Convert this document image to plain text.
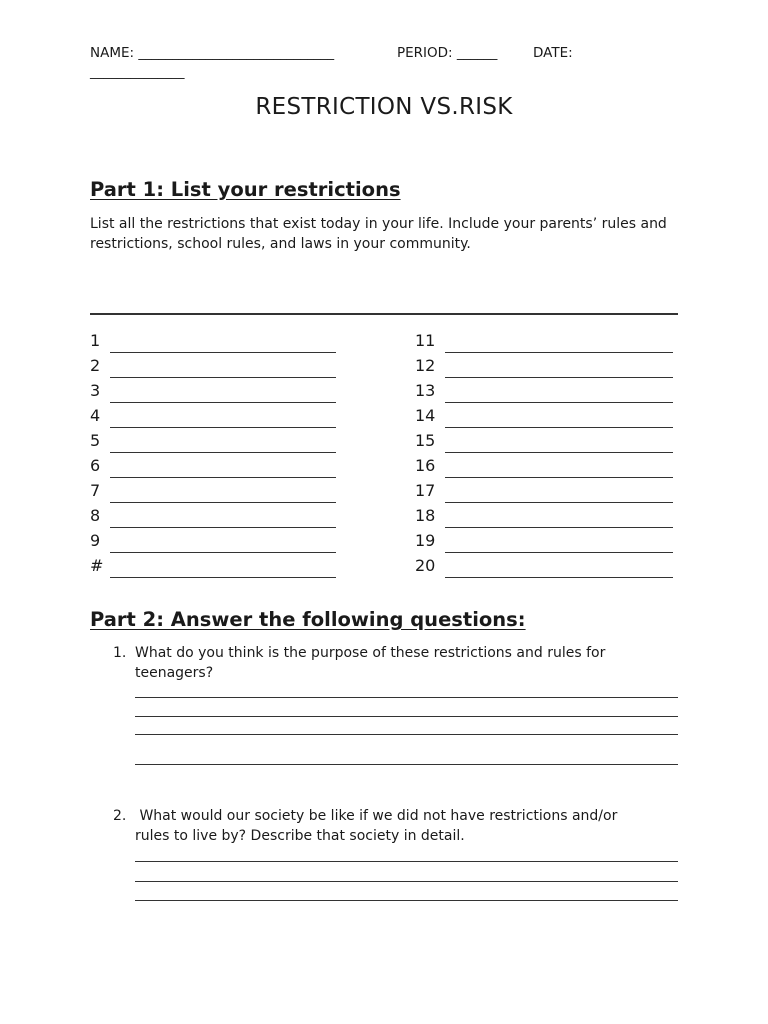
NAME: _____________________________	PERIOD: ______	DATE:
______________
RESTRICTION VS.RISK
Part 1: List your restrictions
List all the restrictions that exist today in your life. Include your parents’ rules and restrictions, school rules, and laws in your community.
1
2
3
4
5
6
7
8
9
#
11
12
13
14
15
16
17
18
19
20
Part 2: Answer the following questions:
1. What do you think is the purpose of these restrictions and rules for
teenagers?
2. What would our society be like if we did not have restrictions and/or
rules to live by? Describe that society in detail.
